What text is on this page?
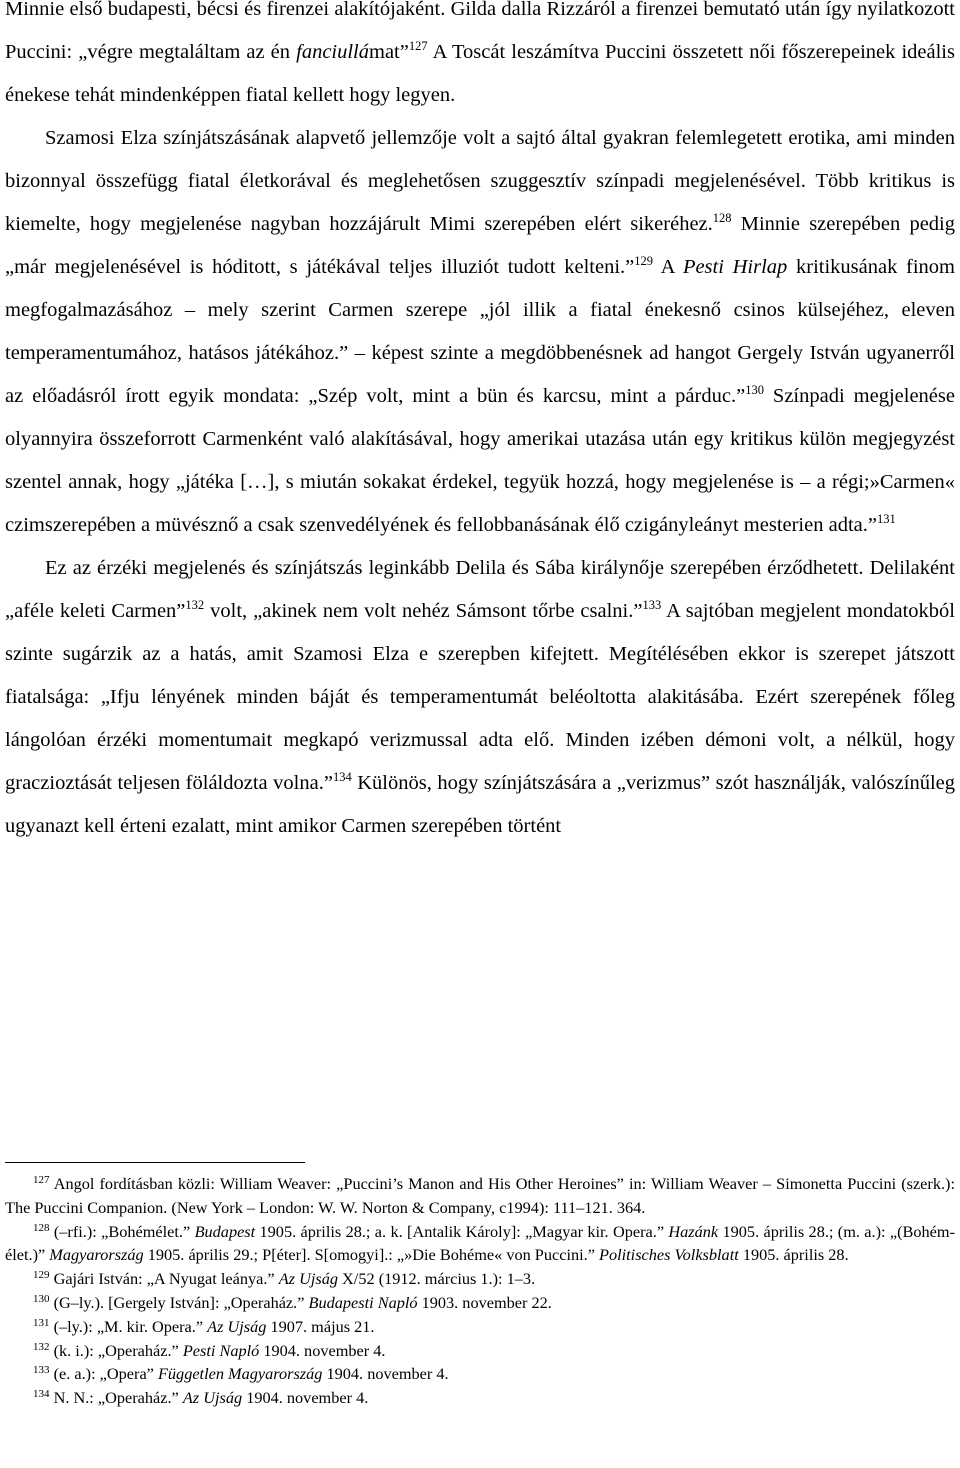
Minnie első budapesti, bécsi és firenzei alakítójaként. Gilda dalla Rizzáról a firenzei bemutató után így nyilatkozott Puccini: „végre megtaláltam az én fanciullámat”$^{127}$ A Toscát leszámítva Puccini összetett női főszerepeinek ideális énekese tehát mindenképpen fiatal kellett hogy legyen.

Szamosi Elza színjátszásának alapvető jellemzője volt a sajtó által gyakran felemlegetett erotika, ami minden bizonnyal összefügg fiatal életkorával és meglehetősen szuggesztív színpadi megjelenésével. Több kritikus is kiemelte, hogy megjelenése nagyban hozzájárult Mimi szerepében elért sikeréhez.$^{128}$ Minnie szerepében pedig „már megjelenésével is hóditott, s játékával teljes illuziót tudott kelteni.”$^{129}$ A Pesti Hirlap kritikusának finom megfogalmazásához – mely szerint Carmen szerepe „jól illik a fiatal énekesnő csinos külsejéhez, eleven temperamentumához, hatásos játékához.” – képest szinte a megdöbbenésnek ad hangot Gergely István ugyanerről az előadásról írott egyik mondata: „Szép volt, mint a bün és karcsu, mint a párduc.”$^{130}$ Színpadi megjelenése olyannyira összeforrott Carmenként való alakításával, hogy amerikai utazása után egy kritikus külön megjegyzést szentel annak, hogy „játéka […], s miután sokakat érdekel, tegyük hozzá, hogy megjelenése is – a régi;»Carmen« czimszerepében a müvésznő a csak szenvedélyének és fellobbanásának élő czigányleányt mesterien adta.”$^{131}$

Ez az érzéki megjelenés és színjátszás leginkább Delila és Sába királynője szerepében érződhetett. Delilaként „aféle keleti Carmen”$^{132}$ volt, „akinek nem volt nehéz Sámsont tőrbe csalni.”$^{133}$ A sajtóban megjelent mondatokból szinte sugárzik az a hatás, amit Szamosi Elza e szerepben kifejtett. Megítélésében ekkor is szerepet játszott fiatalsága: „Ifju lényének minden báját és temperamentumát beléoltotta alakitásába. Ezért szerepének főleg lángolóan érzéki momentumait megkapó verizmussal adta elő. Minden izében démoni volt, a nélkül, hogy graczioztását teljesen föláldozta volna.”$^{134}$ Különös, hogy színjátszására a „verizmus” szót használják, valószínűleg ugyanazt kell érteni ezalatt, mint amikor Carmen szerepében történt

$^{127}$ Angol fordításban közli: William Weaver: „Puccini’s Manon and His Other Heroines” in: William Weaver – Simonetta Puccini (szerk.): The Puccini Companion. (New York – London: W. W. Norton & Company, c1994): 111–121. 364.

$^{128}$ (–rfi.): „Bohémélet.” Budapest 1905. április 28.; a. k. [Antalik Károly]: „Magyar kir. Opera.” Hazánk 1905. április 28.; (m. a.): „(Bohém-élet.)” Magyarország 1905. április 29.; P[éter]. S[omogyi].: „»Die Bohéme« von Puccini.” Politisches Volksblatt 1905. április 28.

$^{129}$ Gajári István: „A Nyugat leánya.” Az Ujság X/52 (1912. március 1.): 1–3.

$^{130}$ (G–ly.). [Gergely István]: „Operaház.” Budapesti Napló 1903. november 22.

$^{131}$ (–ly.): „M. kir. Opera.” Az Ujság 1907. május 21.

$^{132}$ (k. i.): „Operaház.” Pesti Napló 1904. november 4.

$^{133}$ (e. a.): „Opera” Független Magyarország 1904. november 4.

$^{134}$ N. N.: „Operaház.” Az Ujság 1904. november 4.
